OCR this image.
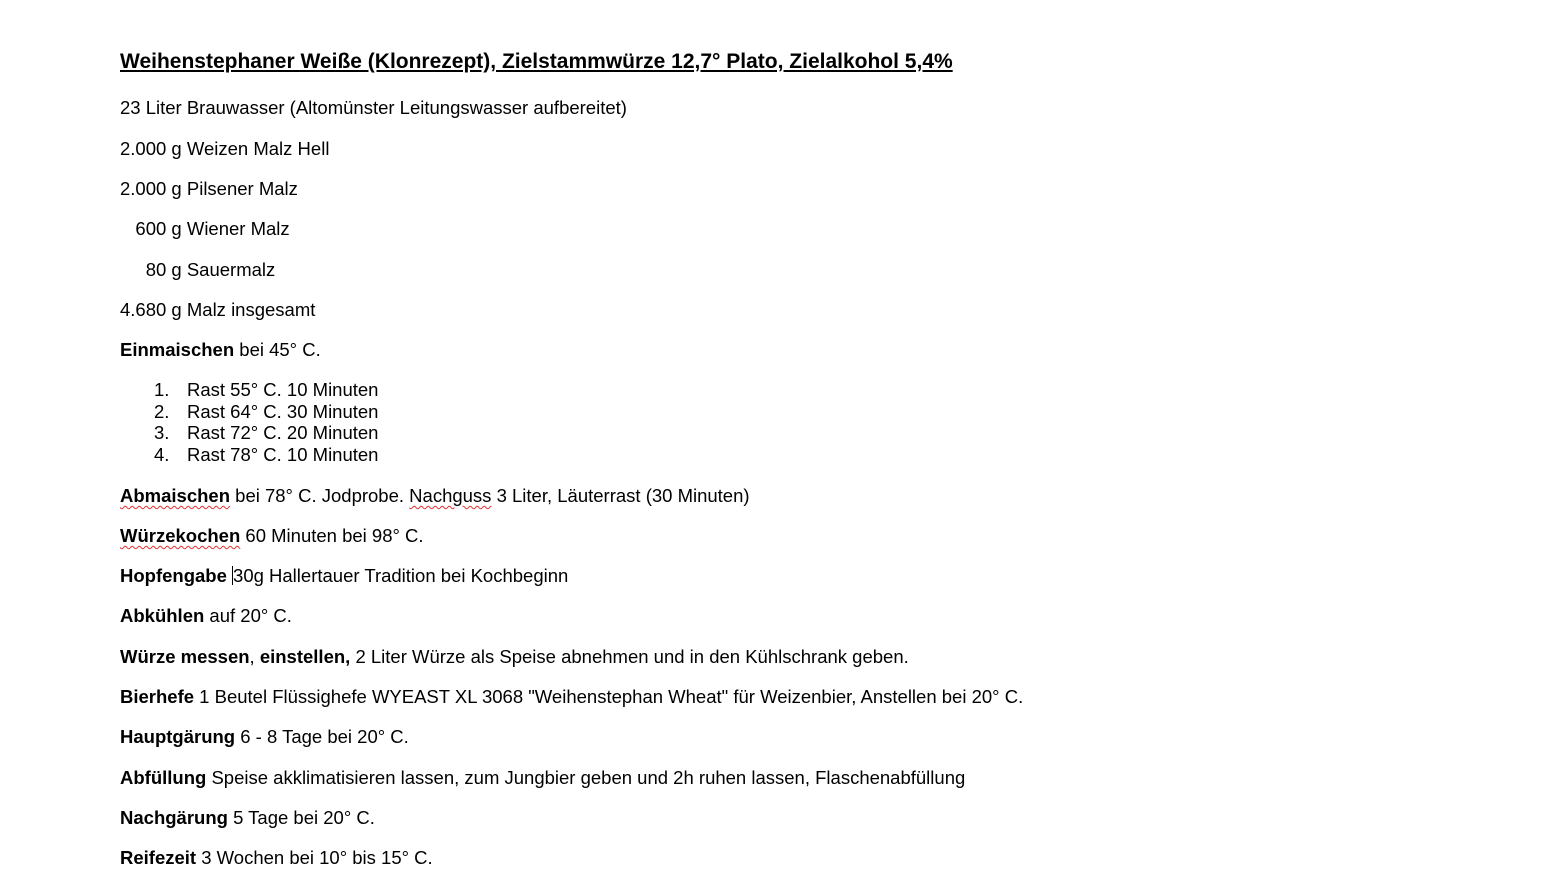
Weihenstephaner Weiße (Klonrezept), Zielstammwürze 12,7° Plato, Zielalkohol 5,4%
23 Liter Brauwasser (Altomünster Leitungswasser aufbereitet)
2.000 g Weizen Malz Hell
2.000 g Pilsener Malz
600 g Wiener Malz
80 g Sauermalz
4.680 g Malz insgesamt
Einmaischen bei 45° C.
1. Rast 55° C. 10 Minuten
2. Rast 64° C. 30 Minuten
3. Rast 72° C. 20 Minuten
4. Rast 78° C. 10 Minuten
Abmaischen bei 78° C. Jodprobe. Nachguss 3 Liter, Läuterrast (30 Minuten)
Würzekochen 60 Minuten bei 98° C.
Hopfengabe 30g Hallertauer Tradition bei Kochbeginn
Abkühlen auf 20° C.
Würze messen, einstellen, 2 Liter Würze als Speise abnehmen und in den Kühlschrank geben.
Bierhefe 1 Beutel Flüssighefe WYEAST XL 3068 "Weihenstephan Wheat" für Weizenbier, Anstellen bei 20° C.
Hauptgärung 6 - 8 Tage bei 20° C.
Abfüllung Speise akklimatisieren lassen, zum Jungbier geben und 2h ruhen lassen, Flaschenabfüllung
Nachgärung 5 Tage bei 20° C.
Reifezeit 3 Wochen bei 10° bis 15° C.
